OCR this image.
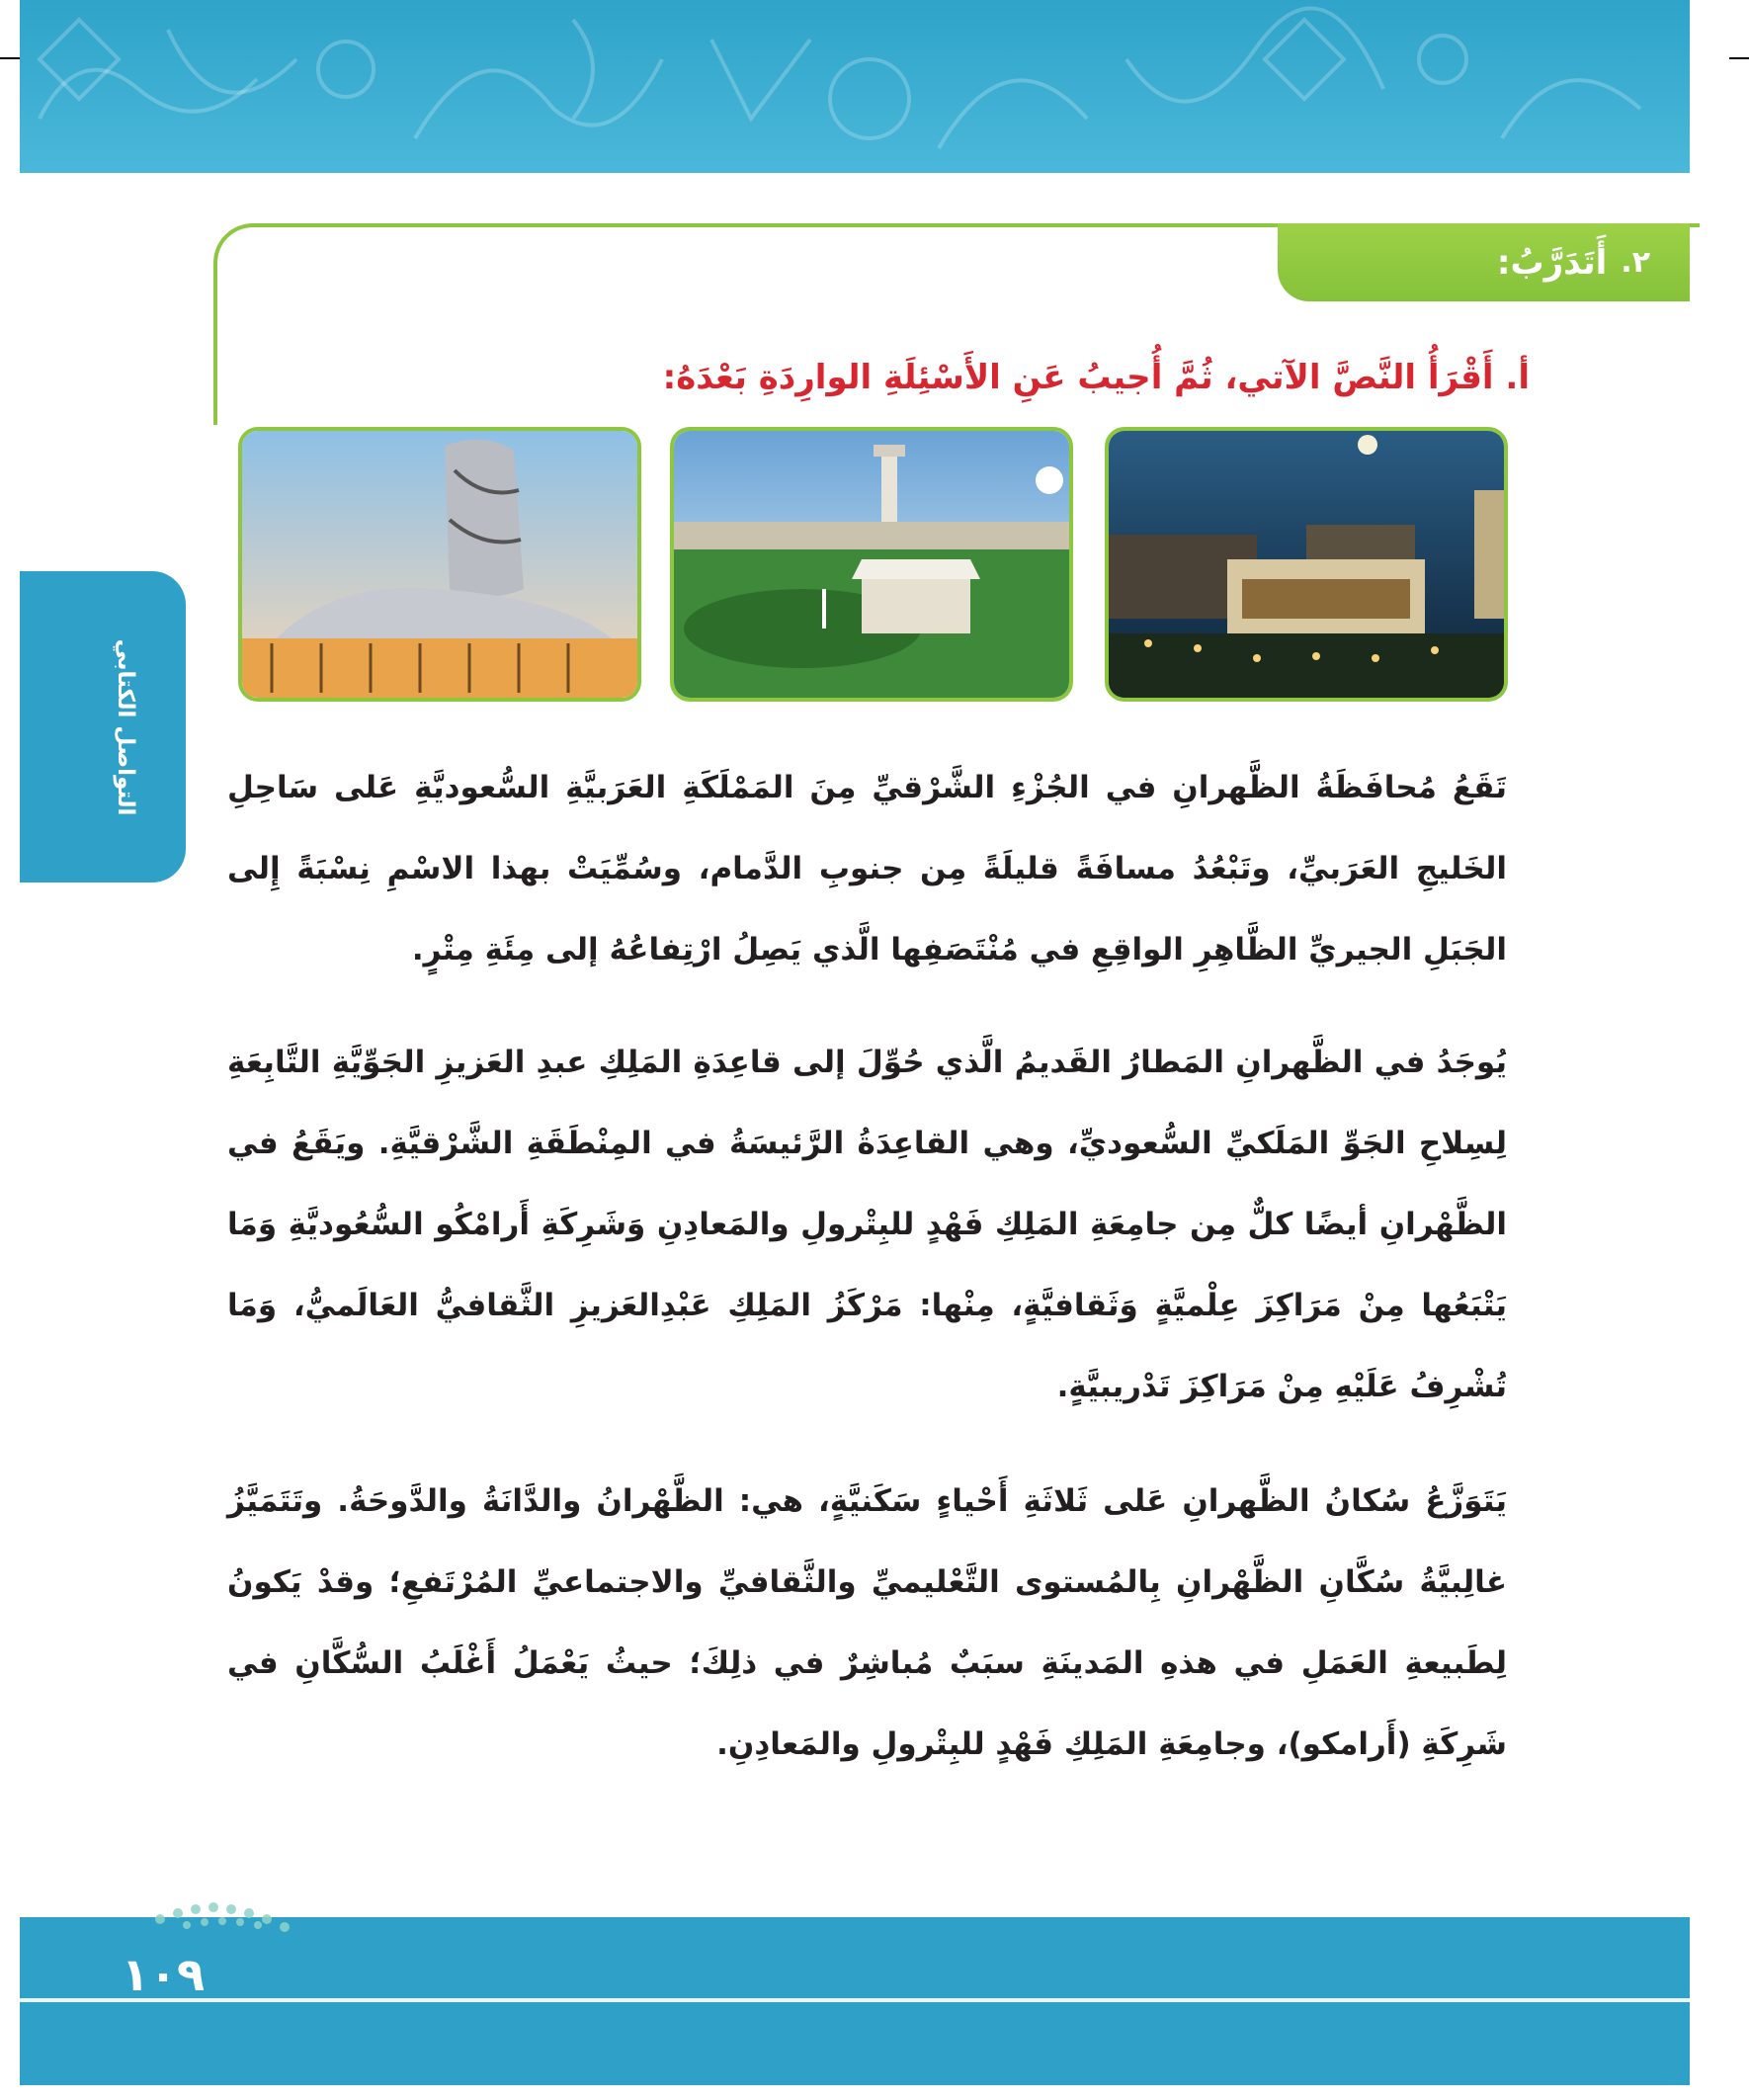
التواصل الكتابي
٢.
أَتَدَرَّبُ:
أ. أَقْرَأُ النَّصَّ الآتي، ثُمَّ أُجيبُ عَنِ الأَسْئِلَةِ الوارِدَةِ بَعْدَهُ:

تَقَعُ مُحافَظَةُ الظَّهرانِ في الجُزْءِ الشَّرْقيِّ مِنَ المَمْلَكَةِ العَرَبيَّةِ السُّعوديَّةِ عَلى سَاحِلِ الخَليجِ العَرَبيِّ، وتَبْعُدُ مسافَةً قليلَةً مِن جنوبِ الدَّمام، وسُمِّيَتْ بهذا الاسْمِ نِسْبَةً إِلى الجَبَلِ الجيريِّ الظَّاهِرِ الواقِعِ في مُنْتَصَفِها الَّذي يَصِلُ ارْتِفاعُهُ إلى مِئَةِ مِتْرٍ.

يُوجَدُ في الظَّهرانِ المَطارُ القَديمُ الَّذي حُوِّلَ إلى قاعِدَةِ المَلِكِ عبدِ العَزيزِ الجَوِّيَّةِ التَّابِعَةِ لِسِلاحِ الجَوِّ المَلَكيِّ السُّعوديِّ، وهي القاعِدَةُ الرَّئيسَةُ في المِنْطَقَةِ الشَّرْقيَّةِ. ويَقَعُ في الظَّهْرانِ أيضًا كلٌّ مِن جامِعَةِ المَلِكِ فَهْدٍ للبِتْرولِ والمَعادِنِ وَشَرِكَةِ أَرامْكُو السُّعُوديَّةِ وَمَا يَتْبَعُها مِنْ مَرَاكِزَ عِلْميَّةٍ وَثَقافيَّةٍ، مِنْها: مَرْكَزُ المَلِكِ عَبْدِالعَزيزِ الثَّقافيُّ العَالَميُّ، وَمَا تُشْرِفُ عَلَيْهِ مِنْ مَرَاكِزَ تَدْريبيَّةٍ.

يَتَوَزَّعُ سُكانُ الظَّهرانِ عَلى ثَلاثَةِ أَحْياءٍ سَكَنيَّةٍ، هي: الظَّهْرانُ والدَّانَةُ والدَّوحَةُ. وتَتَمَيَّزُ غالِبيَّةُ سُكَّانِ الظَّهْرانِ بِالمُستوى التَّعْليميِّ والثَّقافيِّ والاجتماعيِّ المُرْتَفعِ؛ وقدْ يَكونُ لِطَبيعةِ العَمَلِ في هذهِ المَدينَةِ سبَبٌ مُباشِرٌ في ذلِكَ؛ حيثُ يَعْمَلُ أَغْلَبُ السُّكَّانِ في شَرِكَةِ (أَرامكو)، وجامِعَةِ المَلِكِ فَهْدٍ للبِتْرولِ والمَعادِنِ.

١٠٩
